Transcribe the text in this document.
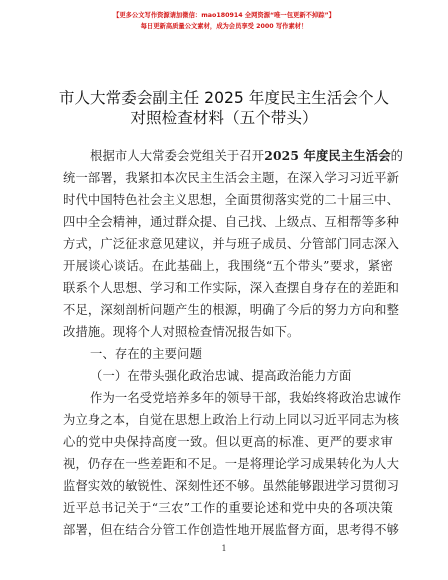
【更多公文写作资源请加微信：mao180914 全网资源“唯一包更新不掉踪”】
每日更新高质量公文素材，成为会员享受 2000 写作素材！
市人大常委会副主任 2025 年度民主生活会个人
对照检查材料（五个带头）
根据市人大常委会党组关于召开2025 年度民主生活会的
统一部署，我紧扣本次民主生活会主题，在深入学习习近平新
时代中国特色社会主义思想，全面贯彻落实党的二十届三中、
四中全会精神，通过群众提、自己找、上级点、互相帮等多种
方式，广泛征求意见建议，并与班子成员、分管部门同志深入
开展谈心谈话。在此基础上，我围绕“五个带头”要求，紧密
联系个人思想、学习和工作实际，深入查摆自身存在的差距和
不足，深刻剖析问题产生的根源，明确了今后的努力方向和整
改措施。现将个人对照检查情况报告如下。
一、存在的主要问题
（一）在带头强化政治忠诚、提高政治能力方面
作为一名受党培养多年的领导干部，我始终将政治忠诚作
为立身之本，自觉在思想上政治上行动上同以习近平同志为核
心的党中央保持高度一致。但以更高的标准、更严的要求审
视，仍存在一些差距和不足。一是将理论学习成果转化为人大
监督实效的敏锐性、深刻性还不够。虽然能够跟进学习贯彻习
近平总书记关于“三农”工作的重要论述和党中央的各项决策
部署，但在结合分管工作创造性地开展监督方面，思考得不够
1
